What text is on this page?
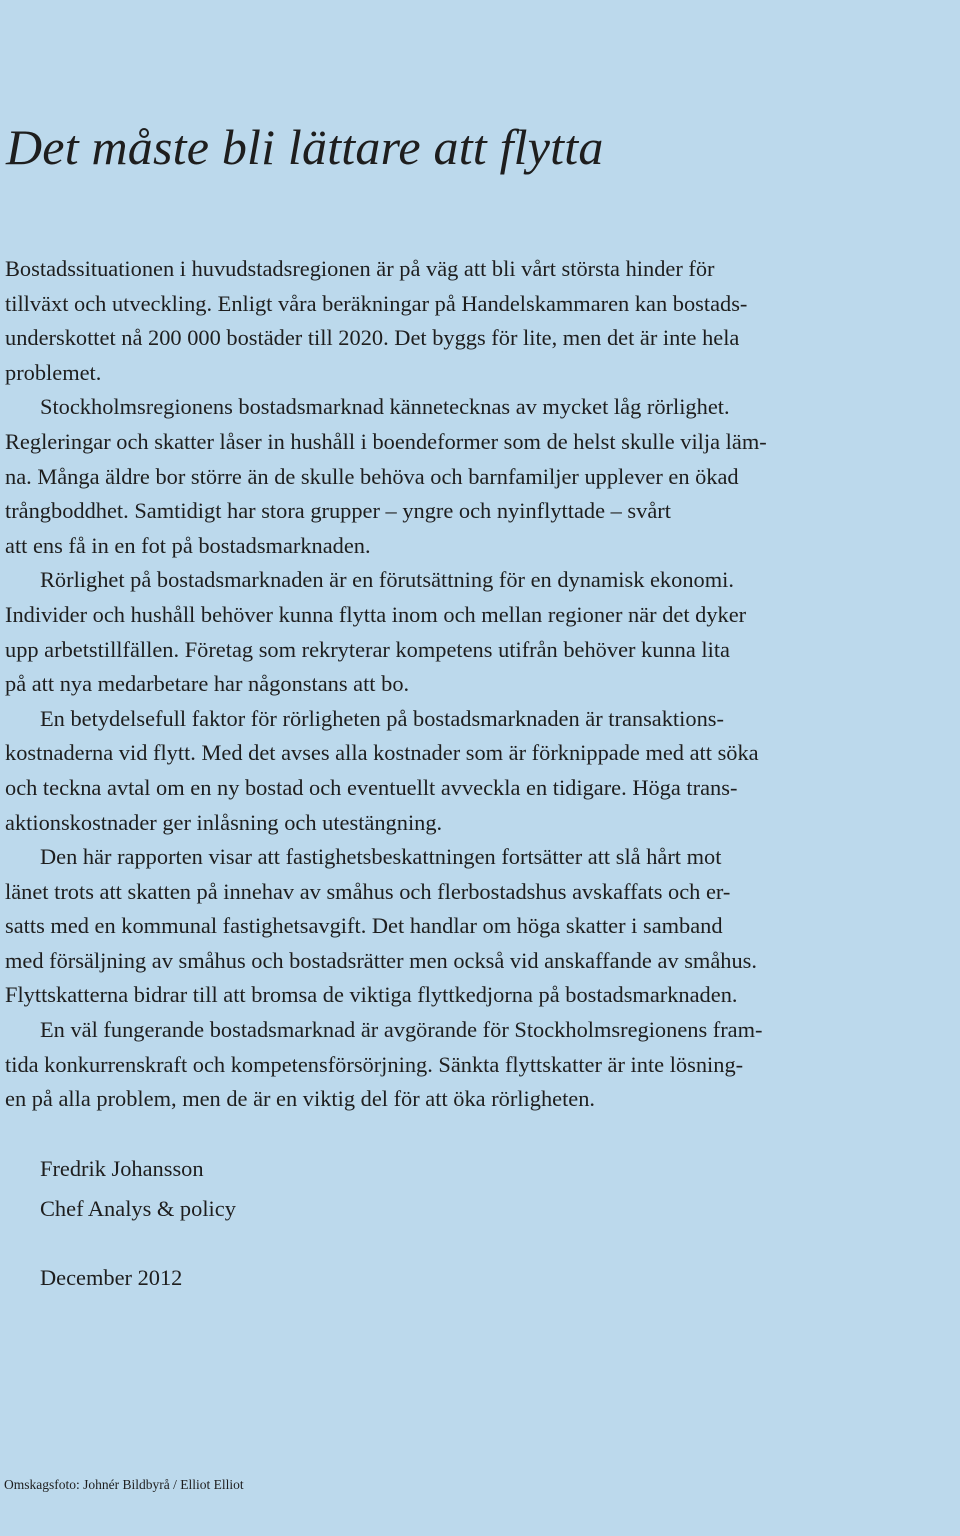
Det måste bli lättare att flytta
Bostadssituationen i huvudstadsregionen är på väg att bli vårt största hinder för
tillväxt och utveckling. Enligt våra beräkningar på Handelskammaren kan bostads-
underskottet nå 200 000 bostäder till 2020. Det byggs för lite, men det är inte hela
problemet.
Stockholmsregionens bostadsmarknad kännetecknas av mycket låg rörlighet.
Regleringar och skatter låser in hushåll i boendeformer som de helst skulle vilja läm-
na. Många äldre bor större än de skulle behöva och barnfamiljer upplever en ökad
trångboddhet. Samtidigt har stora grupper – yngre och nyinflyttade – svårt
att ens få in en fot på bostadsmarknaden.
Rörlighet på bostadsmarknaden är en förutsättning för en dynamisk ekonomi.
Individer och hushåll behöver kunna flytta inom och mellan regioner när det dyker
upp arbetstillfällen. Företag som rekryterar kompetens utifrån behöver kunna lita
på att nya medarbetare har någonstans att bo.
En betydelsefull faktor för rörligheten på bostadsmarknaden är transaktions-
kostnaderna vid flytt. Med det avses alla kostnader som är förknippade med att söka
och teckna avtal om en ny bostad och eventuellt avveckla en tidigare. Höga trans-
aktionskostnader ger inlåsning och utestängning.
Den här rapporten visar att fastighetsbeskattningen fortsätter att slå hårt mot
länet trots att skatten på innehav av småhus och flerbostadshus avskaffats och er-
satts med en kommunal fastighetsavgift. Det handlar om höga skatter i samband
med försäljning av småhus och bostadsrätter men också vid anskaffande av småhus.
Flyttskatterna bidrar till att bromsa de viktiga flyttkedjorna på bostadsmarknaden.
En väl fungerande bostadsmarknad är avgörande för Stockholmsregionens fram-
tida konkurrenskraft och kompetensförsörjning. Sänkta flyttskatter är inte lösning-
en på alla problem, men de är en viktig del för att öka rörligheten.

Fredrik Johansson

Chef Analys & policy

December 2012

Omskagsfoto: Johnér Bildbyrå / Elliot Elliot
